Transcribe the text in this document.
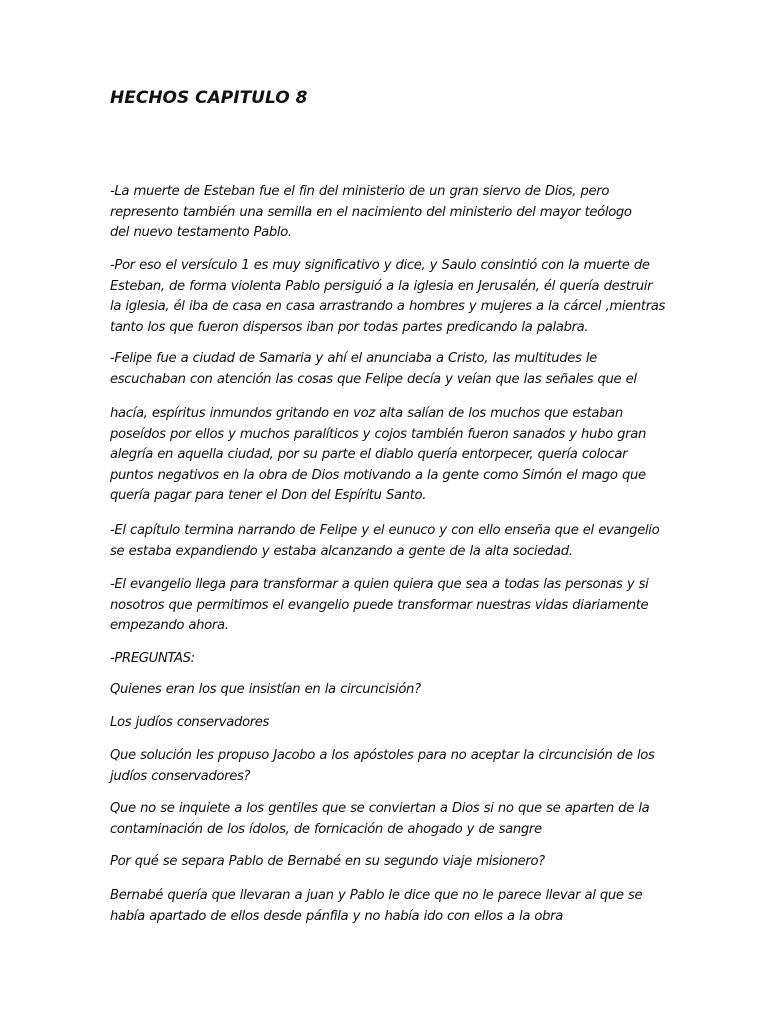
HECHOS CAPITULO 8

-La muerte de Esteban fue el fin del ministerio de un gran siervo de Dios, pero
represento también una semilla en el nacimiento del ministerio del mayor teólogo
del nuevo testamento Pablo.

-Por eso el versículo 1 es muy significativo y dice, y Saulo consintió con la muerte de
Esteban, de forma violenta Pablo persiguió a la iglesia en Jerusalén, él quería destruir
la iglesia, él iba de casa en casa arrastrando a hombres y mujeres a la cárcel ,mientras
tanto los que fueron dispersos iban por todas partes predicando la palabra.

-Felipe fue a ciudad de Samaria y ahí el anunciaba a Cristo, las multitudes le
escuchaban con atención las cosas que Felipe decía y veían que las señales que el

hacía, espíritus inmundos gritando en voz alta salían de los muchos que estaban
poseídos por ellos y muchos paralíticos y cojos también fueron sanados y hubo gran
alegría en aquella ciudad, por su parte el diablo quería entorpecer, quería colocar
puntos negativos en la obra de Dios motivando a la gente como Simón el mago que
quería pagar para tener el Don del Espíritu Santo.

-El capítulo termina narrando de Felipe y el eunuco y con ello enseña que el evangelio
se estaba expandiendo y estaba alcanzando a gente de la alta sociedad.

-El evangelio llega para transformar a quien quiera que sea a todas las personas y si
nosotros que permitimos el evangelio puede transformar nuestras vidas diariamente
empezando ahora.

-PREGUNTAS:

Quienes eran los que insistían en la circuncisión?

Los judíos conservadores

Que solución les propuso Jacobo a los apóstoles para no aceptar la circuncisión de los
judíos conservadores?

Que no se inquiete a los gentiles que se conviertan a Dios si no que se aparten de la
contaminación de los ídolos, de fornicación de ahogado y de sangre

Por qué se separa Pablo de Bernabé en su segundo viaje misionero?

Bernabé quería que llevaran a juan y Pablo le dice que no le parece llevar al que se
había apartado de ellos desde pánfila y no había ido con ellos a la obra
